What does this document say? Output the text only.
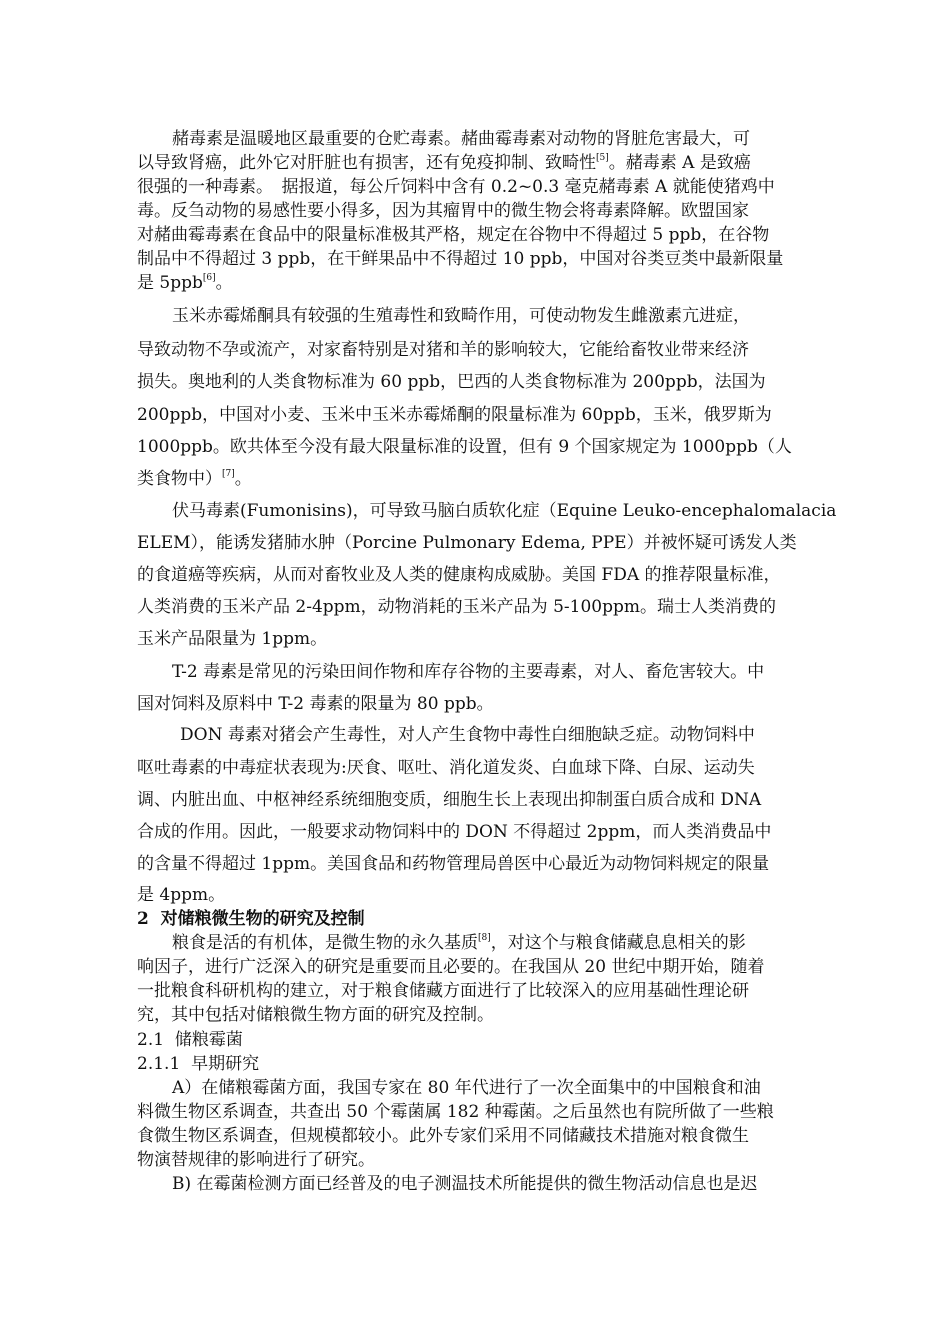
赭毒素是温暖地区最重要的仓贮毒素。赭曲霉毒素对动物的肾脏危害最大，可
以导致肾癌，此外它对肝脏也有损害，还有免疫抑制、致畸性[5]。赭毒素 A 是致癌
很强的一种毒素。　据报道，每公斤饲料中含有 0.2~0.3 毫克赭毒素 A 就能使猪鸡中
毒。反刍动物的易感性要小得多，因为其瘤胃中的微生物会将毒素降解。欧盟国家
对赭曲霉毒素在食品中的限量标准极其严格，规定在谷物中不得超过 5 ppb，在谷物
制品中不得超过 3 ppb，在干鲜果品中不得超过 10 ppb，中国对谷类豆类中最新限量
是 5ppb[6]。
玉米赤霉烯酮具有较强的生殖毒性和致畸作用，可使动物发生雌激素亢进症，
导致动物不孕或流产，对家畜特别是对猪和羊的影响较大，它能给畜牧业带来经济
损失。奥地利的人类食物标准为 60 ppb，巴西的人类食物标准为 200ppb，法国为
200ppb，中国对小麦、玉米中玉米赤霉烯酮的限量标准为 60ppb，玉米，俄罗斯为
1000ppb。欧共体至今没有最大限量标准的设置，但有 9 个国家规定为 1000ppb（人
类食物中）[7]。
伏马毒素(Fumonisins)，可导致马脑白质软化症（Equine Leuko-encephalomalacia
ELEM），能诱发猪肺水肿（Porcine Pulmonary Edema, PPE）并被怀疑可诱发人类
的食道癌等疾病，从而对畜牧业及人类的健康构成威胁。美国 FDA 的推荐限量标准，
人类消费的玉米产品 2-4ppm，动物消耗的玉米产品为 5-100ppm。瑞士人类消费的
玉米产品限量为 1ppm。
T-2 毒素是常见的污染田间作物和库存谷物的主要毒素，对人、畜危害较大。中
国对饲料及原料中 T-2 毒素的限量为 80 ppb。
DON 毒素对猪会产生毒性，对人产生食物中毒性白细胞缺乏症。动物饲料中
呕吐毒素的中毒症状表现为:厌食、呕吐、消化道发炎、白血球下降、白尿、运动失
调、内脏出血、中枢神经系统细胞变质，细胞生长上表现出抑制蛋白质合成和 DNA
合成的作用。因此，一般要求动物饲料中的 DON 不得超过 2ppm，而人类消费品中
的含量不得超过 1ppm。美国食品和药物管理局兽医中心最近为动物饲料规定的限量
是 4ppm。
2  对储粮微生物的研究及控制
粮食是活的有机体，是微生物的永久基质[8]，对这个与粮食储藏息息相关的影
响因子，进行广泛深入的研究是重要而且必要的。在我国从 20 世纪中期开始，随着
一批粮食科研机构的建立，对于粮食储藏方面进行了比较深入的应用基础性理论研
究，其中包括对储粮微生物方面的研究及控制。
2.1  储粮霉菌
2.1.1  早期研究
A）在储粮霉菌方面，我国专家在 80 年代进行了一次全面集中的中国粮食和油
料微生物区系调查，共查出 50 个霉菌属 182 种霉菌。之后虽然也有院所做了一些粮
食微生物区系调查，但规模都较小。此外专家们采用不同储藏技术措施对粮食微生
物演替规律的影响进行了研究。
B) 在霉菌检测方面已经普及的电子测温技术所能提供的微生物活动信息也是迟
